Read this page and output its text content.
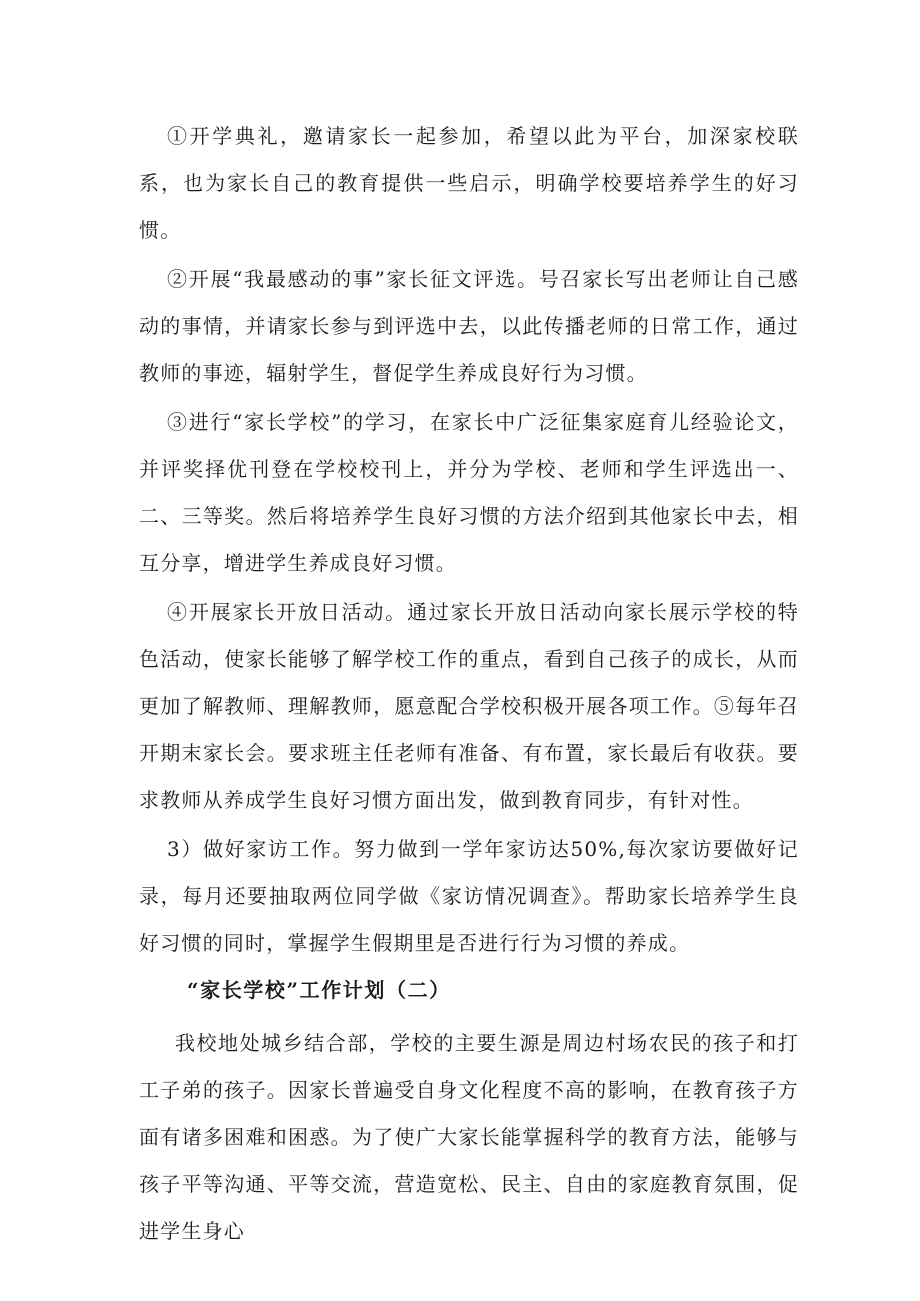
①开学典礼，邀请家长一起参加，希望以此为平台，加深家校联系，也为家长自己的教育提供一些启示，明确学校要培养学生的好习惯。

②开展“我最感动的事”家长征文评选。号召家长写出老师让自己感动的事情，并请家长参与到评选中去，以此传播老师的日常工作，通过教师的事迹，辐射学生，督促学生养成良好行为习惯。

③进行“家长学校”的学习，在家长中广泛征集家庭育儿经验论文，并评奖择优刊登在学校校刊上，并分为学校、老师和学生评选出一、二、三等奖。然后将培养学生良好习惯的方法介绍到其他家长中去，相互分享，增进学生养成良好习惯。

④开展家长开放日活动。通过家长开放日活动向家长展示学校的特色活动，使家长能够了解学校工作的重点，看到自己孩子的成长，从而更加了解教师、理解教师，愿意配合学校积极开展各项工作。⑤每年召开期末家长会。要求班主任老师有准备、有布置，家长最后有收获。要求教师从养成学生良好习惯方面出发，做到教育同步，有针对性。

3）做好家访工作。努力做到一学年家访达50%,每次家访要做好记录，每月还要抽取两位同学做《家访情况调查》。帮助家长培养学生良好习惯的同时，掌握学生假期里是否进行行为习惯的养成。

“家长学校”工作计划（二）

我校地处城乡结合部，学校的主要生源是周边村场农民的孩子和打工子弟的孩子。因家长普遍受自身文化程度不高的影响，在教育孩子方面有诸多困难和困惑。为了使广大家长能掌握科学的教育方法，能够与孩子平等沟通、平等交流，营造宽松、民主、自由的家庭教育氛围，促进学生身心
